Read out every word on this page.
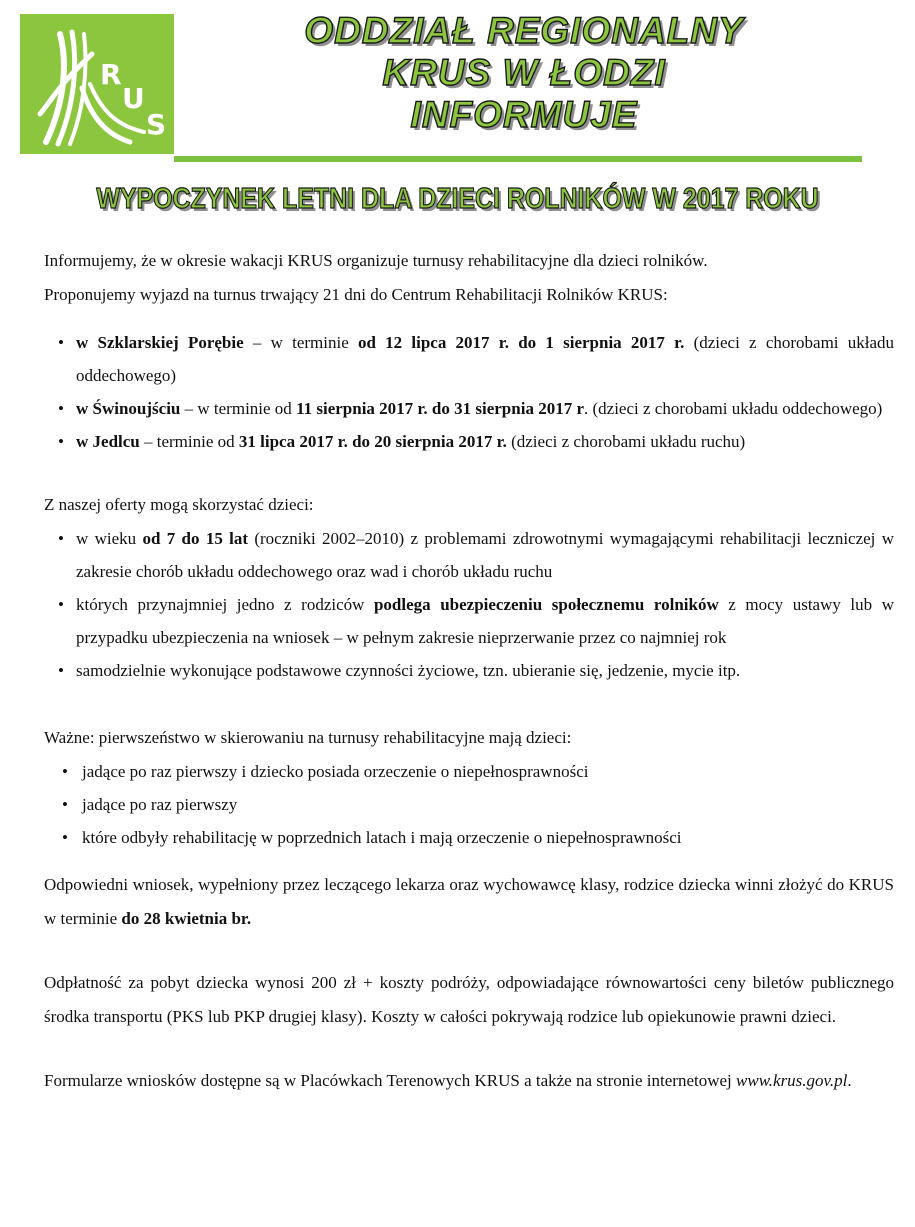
R
U
S
ODDZIAŁ REGIONALNY
KRUS W ŁODZI
INFORMUJE
WYPOCZYNEK LETNI DLA DZIECI ROLNIKÓW W 2017 ROKU

Informujemy, że w okresie wakacji KRUS organizuje turnusy rehabilitacyjne dla dzieci rolników.

Proponujemy wyjazd na turnus trwający 21 dni do Centrum Rehabilitacji Rolników KRUS:

• w Szklarskiej Porębie – w terminie od 12 lipca 2017 r. do 1 sierpnia 2017 r. (dzieci z chorobami układu oddechowego)
• w Świnoujściu – w terminie od 11 sierpnia 2017 r. do 31 sierpnia 2017 r. (dzieci z chorobami układu oddechowego)
• w Jedlcu – terminie od 31 lipca 2017 r. do 20 sierpnia 2017 r. (dzieci z chorobami układu ruchu)

Z naszej oferty mogą skorzystać dzieci:

• w wieku od 7 do 15 lat (roczniki 2002–2010) z problemami zdrowotnymi wymagającymi rehabilitacji leczniczej w zakresie chorób układu oddechowego oraz wad i chorób układu ruchu
• których przynajmniej jedno z rodziców podlega ubezpieczeniu społecznemu rolników z mocy ustawy lub w przypadku ubezpieczenia na wniosek – w pełnym zakresie nieprzerwanie przez co najmniej rok
• samodzielnie wykonujące podstawowe czynności życiowe, tzn. ubieranie się, jedzenie, mycie itp.

Ważne: pierwszeństwo w skierowaniu na turnusy rehabilitacyjne mają dzieci:

• jadące po raz pierwszy i dziecko posiada orzeczenie o niepełnosprawności
• jadące po raz pierwszy
• które odbyły rehabilitację w poprzednich latach i mają orzeczenie o niepełnosprawności

Odpowiedni wniosek, wypełniony przez leczącego lekarza oraz wychowawcę klasy, rodzice dziecka winni złożyć do KRUS w terminie do 28 kwietnia br.

Odpłatność za pobyt dziecka wynosi 200 zł + koszty podróży, odpowiadające równowartości ceny biletów publicznego środka transportu (PKS lub PKP drugiej klasy). Koszty w całości pokrywają rodzice lub opiekunowie prawni dzieci.

Formularze wniosków dostępne są w Placówkach Terenowych KRUS a także na stronie internetowej www.krus.gov.pl.
